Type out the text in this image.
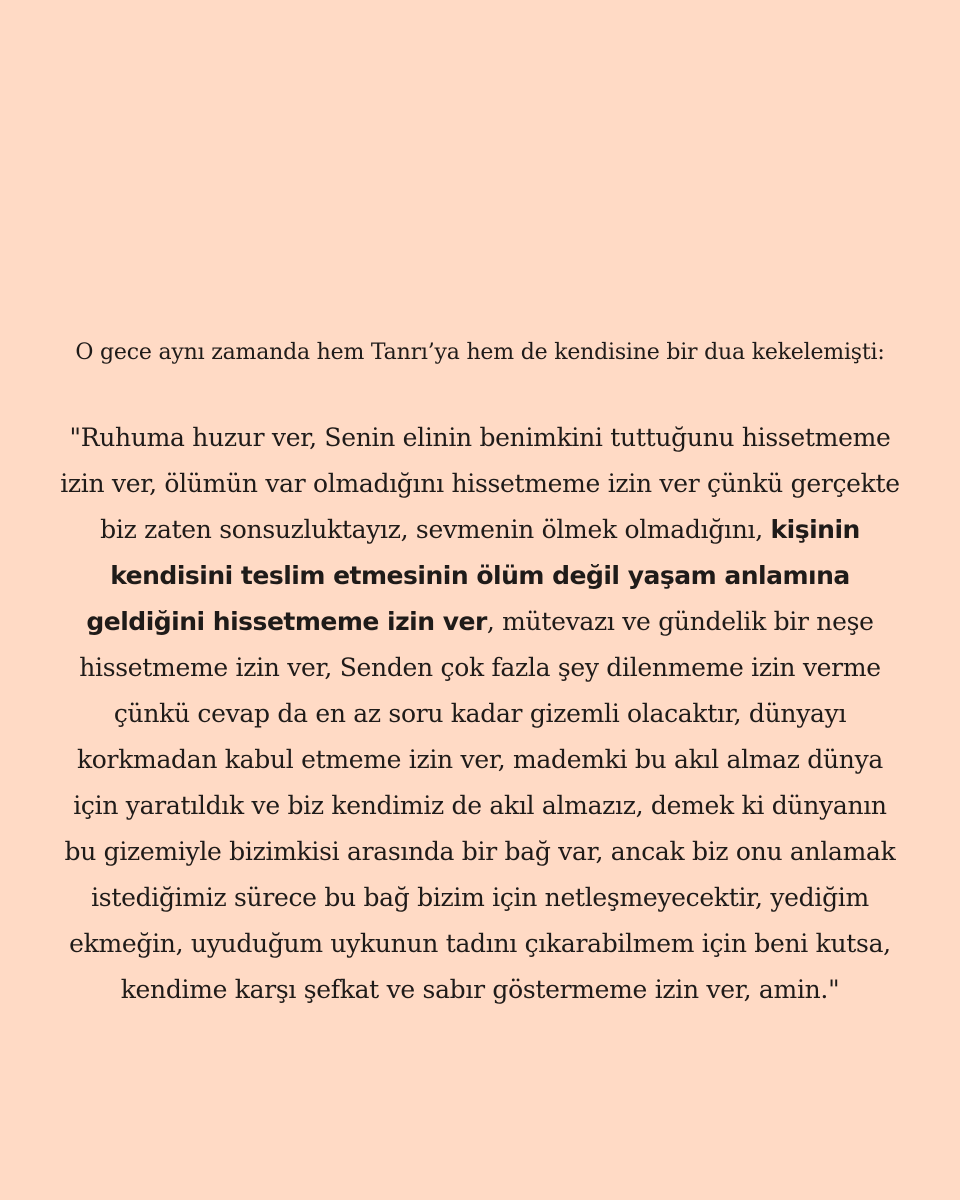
O gece aynı zamanda hem Tanrı’ya hem de kendisine bir dua kekelemişti:

"Ruhuma huzur ver, Senin elinin benimkini tuttuğunu hissetmeme izin ver, ölümün var olmadığını hissetmeme izin ver çünkü gerçekte biz zaten sonsuzluktayız, sevmenin ölmek olmadığını, kişinin kendisini teslim etmesinin ölüm değil yaşam anlamına geldiğini hissetmeme izin ver, mütevazı ve gündelik bir neşe hissetmeme izin ver, Senden çok fazla şey dilenmeme izin verme çünkü cevap da en az soru kadar gizemli olacaktır, dünyayı korkmadan kabul etmeme izin ver, mademki bu akıl almaz dünya için yaratıldık ve biz kendimiz de akıl almazız, demek ki dünyanın bu gizemiyle bizimkisi arasında bir bağ var, ancak biz onu anlamak istediğimiz sürece bu bağ bizim için netleşmeyecektir, yediğim ekmeğin, uyuduğum uykunun tadını çıkarabilmem için beni kutsa, kendime karşı şefkat ve sabır göstermeme izin ver, amin."
